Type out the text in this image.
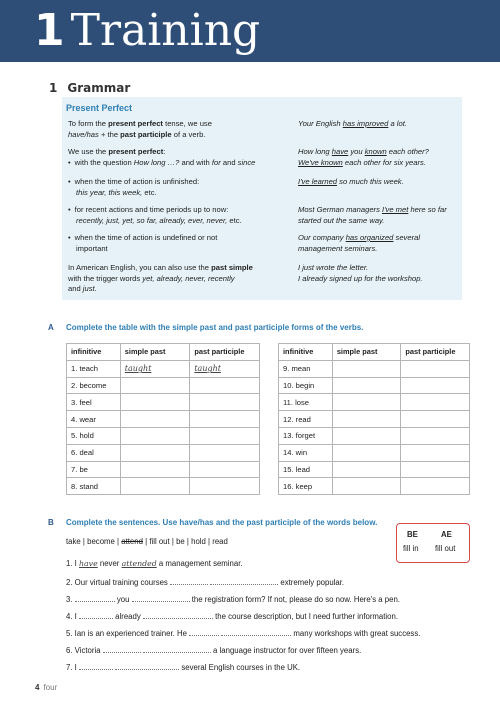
1 Training
1 Grammar
Present Perfect
To form the present perfect tense, we use
have/has + the past participle of a verb.
Your English has improved a lot.
We use the present perfect:
• with the question How long …? and with for and since
How long have you known each other?
We've known each other for six years.
• when the time of action is unfinished:
this year, this week, etc.
I've learned so much this week.
• for recent actions and time periods up to now:
recently, just, yet, so far, already, ever, never, etc.
Most German managers I've met here so far
started out the same way.
• when the time of action is undefined or not
important
Our company has organized several
management seminars.
In American English, you can also use the past simple
with the trigger words yet, already, never, recently
and just.
I just wrote the letter.
I already signed up for the workshop.
A Complete the table with the simple past and past participle forms of the verbs.
infinitive	simple past	past participle
1. teach	taught	taught
2. become		
3. feel		
4. wear		
5. hold		
6. deal		
7. be		
8. stand		
infinitive	simple past	past participle
9. mean		
10. begin		
11. lose		
12. read		
13. forget		
14. win		
15. lead		
16. keep		
B Complete the sentences. Use have/has and the past participle of the words below.
take | become | attend | fill out | be | hold | read
BE	AE
fill in fill out
1. I have never attended a management seminar.
2. Our virtual training courses	extremely popular.
3.	you	the registration form? If not, please do so now. Here's a pen.
4. I	already	the course description, but I need further information.
5. Ian is an experienced trainer. He	many workshops with great success.
6. Victoria	a language instructor for over fifteen years.
7. I	several English courses in the UK.
4 four
